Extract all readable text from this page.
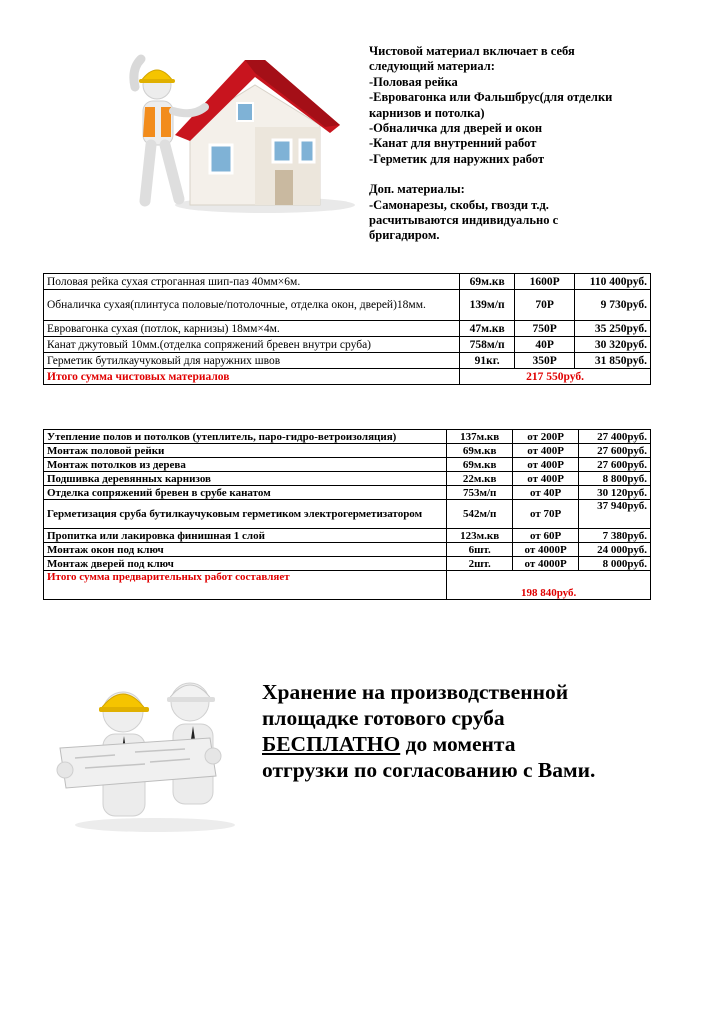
Чистовой материал включает в себя
следующий материал:
-Половая рейка
-Евровагонка или Фальшбрус(для отделки
карнизов и потолка)
-Обналичка для дверей и окон
-Канат для внутренний работ
-Герметик для наружних работ
Доп. материалы:
-Самонарезы, скобы, гвозди т.д.
расчитываются индивидуально с
бригадиром.
Половая рейка сухая строганная шип-паз 40мм×6м.	69м.кв	1600Р	110 400руб.
Обналичка сухая(плинтуса половые/потолочные, отделка окон, дверей)18мм.	139м/п	70Р	9 730руб.
Евровагонка сухая (потлок, карнизы) 18мм×4м.	47м.кв	750Р	35 250руб.
Канат джутовый 10мм.(отделка сопряжений бревен внутри сруба)	758м/п	40Р	30 320руб.
Герметик бутилкаучуковый для наружних швов	91кг.	350Р	31 850руб.
Итого сумма чистовых материалов	217 550руб.		
Утепление полов и потолков (утеплитель, паро-гидро-ветроизоляция)	137м.кв	от 200Р	27 400руб.
Монтаж половой рейки	69м.кв	от 400Р	27 600руб.
Монтаж потолков из дерева	69м.кв	от 400Р	27 600руб.
Подшивка деревянных карнизов	22м.кв	от 400Р	8 800руб.
Отделка сопряжений бревен в срубе канатом	753м/п	от 40Р	30 120руб.
Герметизация сруба бутилкаучуковым герметиком электрогерметизатором	542м/п	от 70Р	37 940руб.
Пропитка или лакировка финишная 1 слой	123м.кв	от 60Р	7 380руб.
Монтаж окон под ключ	6шт.	от 4000Р	24 000руб.
Монтаж дверей под ключ	2шт.	от 4000Р	8 000руб.
Итого сумма предварительных работ составляет	198 840руб.		
Хранение на производственной
площадке готового сруба
БЕСПЛАТНО до момента
отгрузки по согласованию с Вами.
